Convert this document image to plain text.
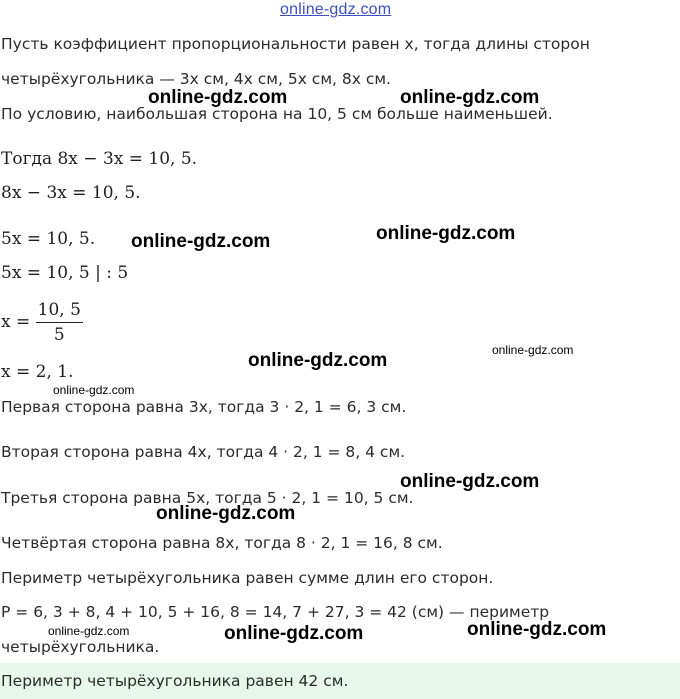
online-gdz.com

Пусть коэффициент пропорциональности равен x, тогда длины сторон

четырёхугольника — 3x см, 4x см, 5x см, 8x см.

По условию, наибольшая сторона на 10, 5 см больше наименьшей.

Тогда 8x − 3x = 10, 5.

8x − 3x = 10, 5.

5x = 10, 5.

5x = 10, 5 | : 5

$x = \frac{10, 5}{5}$

x = 2, 1.

Первая сторона равна 3x, тогда 3 · 2, 1 = 6, 3 см.

Вторая сторона равна 4x, тогда 4 · 2, 1 = 8, 4 см.

Третья сторона равна 5x, тогда 5 · 2, 1 = 10, 5 см.

Четвёртая сторона равна 8x, тогда 8 · 2, 1 = 16, 8 см.

Периметр четырёхугольника равен сумме длин его сторон.

P = 6, 3 + 8, 4 + 10, 5 + 16, 8 = 14, 7 + 27, 3 = 42 (см) — периметр

четырёхугольника.

Периметр четырёхугольника равен 42 см.

online-gdz.com	online-gdz.com
online-gdz.com	online-gdz.com
online-gdz.com	online-gdz.com
online-gdz.com
online-gdz.com
online-gdz.com
online-gdz.com	online-gdz.com	online-gdz.com
